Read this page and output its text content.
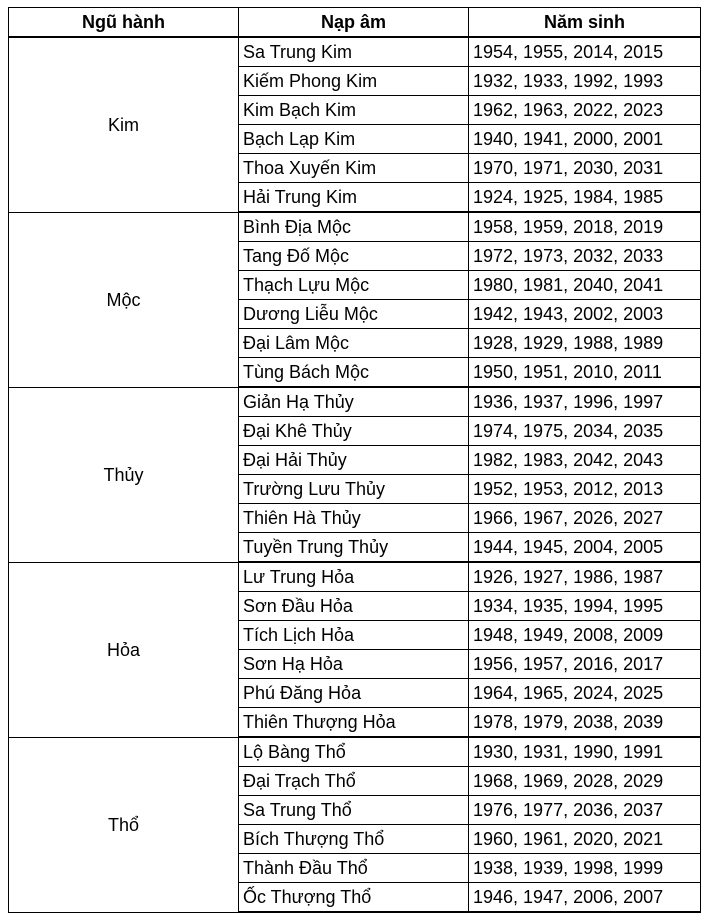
Ngũ hành	Nạp âm	Năm sinh
Kim	Sa Trung Kim	1954, 1955, 2014, 2015
	Kiếm Phong Kim	1932, 1933, 1992, 1993
	Kim Bạch Kim	1962, 1963, 2022, 2023
	Bạch Lạp Kim	1940, 1941, 2000, 2001
	Thoa Xuyến Kim	1970, 1971, 2030, 2031
	Hải Trung Kim	1924, 1925, 1984, 1985
Mộc	Bình Địa Mộc	1958, 1959, 2018, 2019
	Tang Đố Mộc	1972, 1973, 2032, 2033
	Thạch Lựu Mộc	1980, 1981, 2040, 2041
	Dương Liễu Mộc	1942, 1943, 2002, 2003
	Đại Lâm Mộc	1928, 1929, 1988, 1989
	Tùng Bách Mộc	1950, 1951, 2010, 2011
Thủy	Giản Hạ Thủy	1936, 1937, 1996, 1997
	Đại Khê Thủy	1974, 1975, 2034, 2035
	Đại Hải Thủy	1982, 1983, 2042, 2043
	Trường Lưu Thủy	1952, 1953, 2012, 2013
	Thiên Hà Thủy	1966, 1967, 2026, 2027
	Tuyền Trung Thủy	1944, 1945, 2004, 2005
Hỏa	Lư Trung Hỏa	1926, 1927, 1986, 1987
	Sơn Đầu Hỏa	1934, 1935, 1994, 1995
	Tích Lịch Hỏa	1948, 1949, 2008, 2009
	Sơn Hạ Hỏa	1956, 1957, 2016, 2017
	Phú Đăng Hỏa	1964, 1965, 2024, 2025
	Thiên Thượng Hỏa	1978, 1979, 2038, 2039
Thổ	Lộ Bàng Thổ	1930, 1931, 1990, 1991
	Đại Trạch Thổ	1968, 1969, 2028, 2029
	Sa Trung Thổ	1976, 1977, 2036, 2037
	Bích Thượng Thổ	1960, 1961, 2020, 2021
	Thành Đầu Thổ	1938, 1939, 1998, 1999
	Ốc Thượng Thổ	1946, 1947, 2006, 2007
